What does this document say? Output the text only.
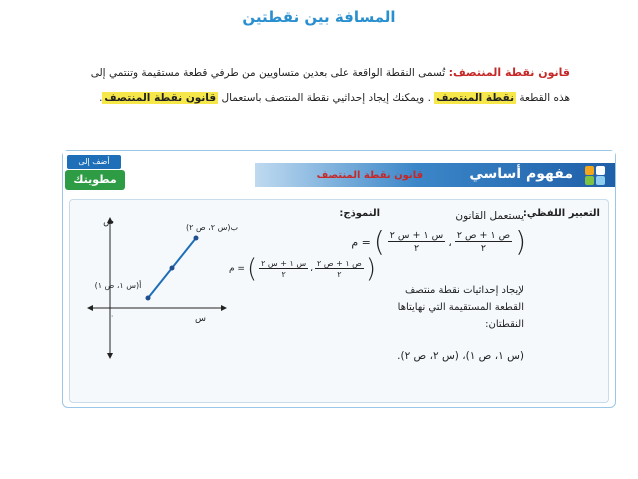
المسافة بين نقطتين
قانون نقطة المنتصف: تُسمى النقطة الواقعة على بعدين متساويين من طرفي قطعة مستقيمة وتنتمي إلى
هذه القطعة نقطة المنتصف . ويمكنك إيجاد إحداثيي نقطة المنتصف باستعمال قانون نقطة المنتصف.
مفهوم أساسي
قانون نقطة المنتصف
أضف إلى
مطويتك
التعبير اللفظي:
النموذج:	يستعمل القانون
م = ( $\frac{\text{س ١ + س ٢}}{٢}$ ، $\frac{\text{ص ١ + ص ٢}}{٢}$ )
لإيجاد إحداثيات نقطة منتصف القطعة المستقيمة التي نهايتاها النقطتان:
(س ١، ص ١)، (س ٢، ص ٢).
م = ( $\frac{\text{س ١ + س ٢}}{٢}$ ، $\frac{\text{ص ١ + ص ٢}}{٢}$ )
ص
س
٠
ب(س ٢، ص ٢)
أ(س ١، ص ١)
